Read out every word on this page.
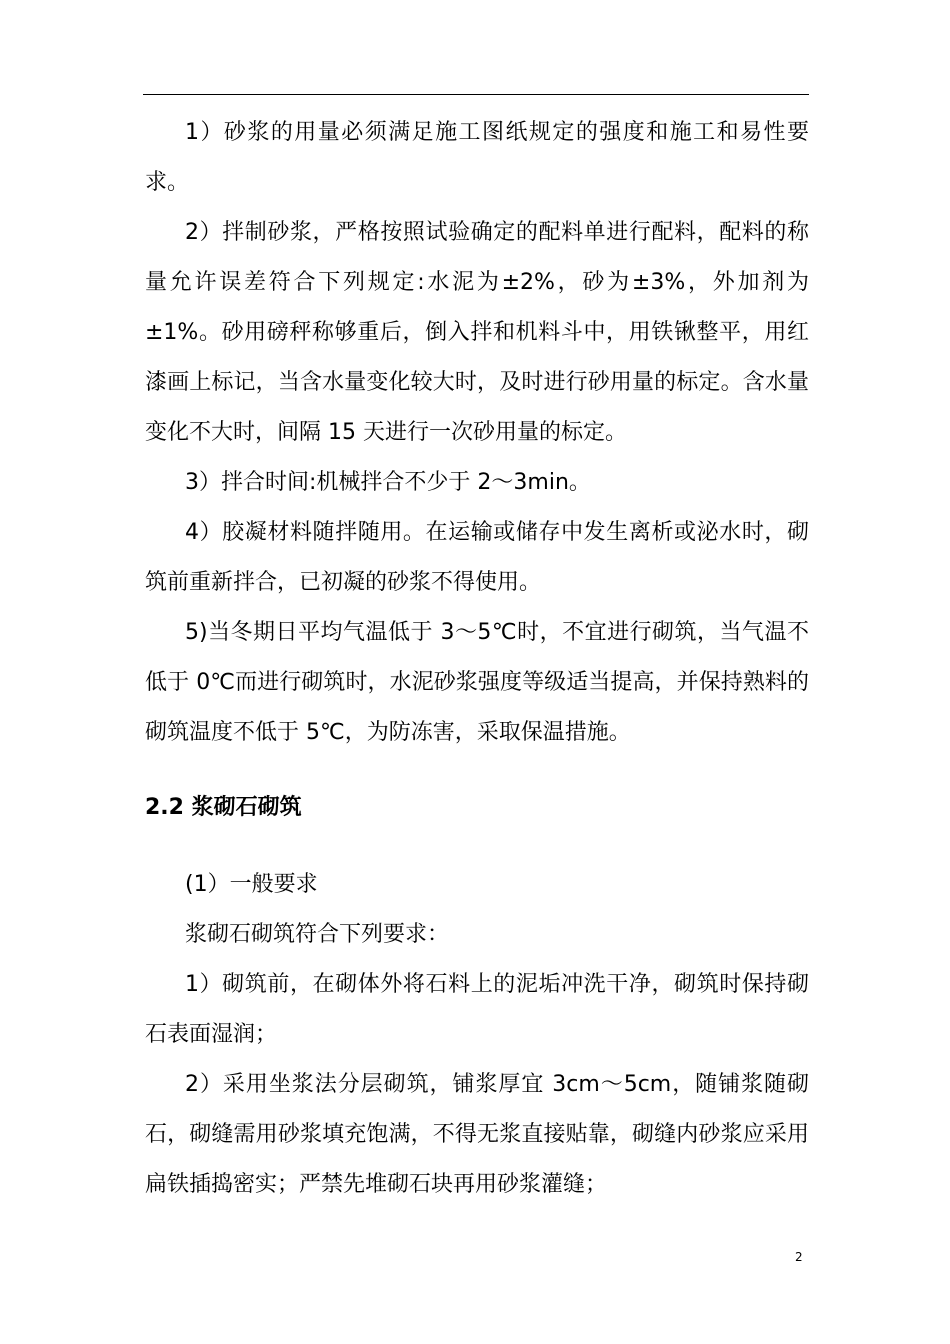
1）砂浆的用量必须满足施工图纸规定的强度和施工和易性要求。

2）拌制砂浆，严格按照试验确定的配料单进行配料，配料的称量允许误差符合下列规定:水泥为±2%，砂为±3%，外加剂为±1%。砂用磅秤称够重后，倒入拌和机料斗中，用铁锹整平，用红漆画上标记，当含水量变化较大时，及时进行砂用量的标定。含水量变化不大时，间隔 15 天进行一次砂用量的标定。

3）拌合时间:机械拌合不少于 2～3min。

4）胶凝材料随拌随用。在运输或储存中发生离析或泌水时，砌筑前重新拌合，已初凝的砂浆不得使用。

5)当冬期日平均气温低于 3～5℃时，不宜进行砌筑，当气温不低于 0℃而进行砌筑时，水泥砂浆强度等级适当提高，并保持熟料的砌筑温度不低于 5℃，为防冻害，采取保温措施。

2.2 浆砌石砌筑

(1）一般要求

浆砌石砌筑符合下列要求：

1）砌筑前，在砌体外将石料上的泥垢冲洗干净，砌筑时保持砌石表面湿润；

2）采用坐浆法分层砌筑，铺浆厚宜 3cm～5cm，随铺浆随砌石，砌缝需用砂浆填充饱满，不得无浆直接贴靠，砌缝内砂浆应采用扁铁插捣密实；严禁先堆砌石块再用砂浆灌缝；

2
